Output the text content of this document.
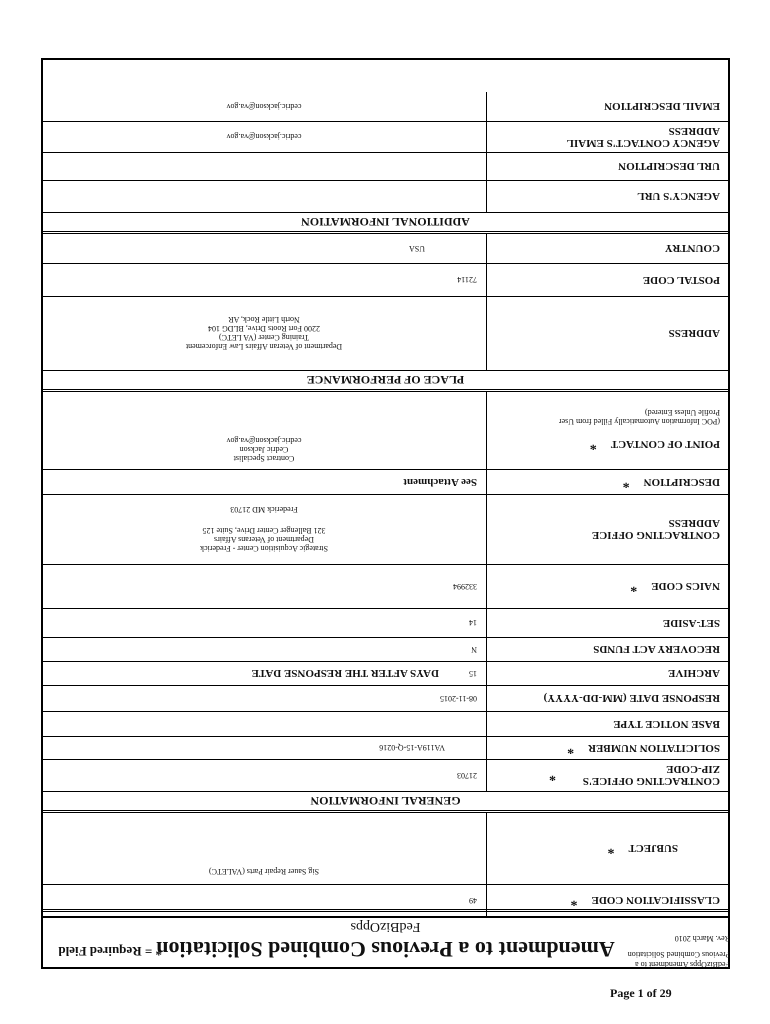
Amendment to a Previous Combined Solicitation
FedBizOpps
CLASSIFICATION CODE
*
49
SUBJECT
*
Sig Sauer Repair Parts (VALETC)
GENERAL INFORMATION
CONTRACTING OFFICE'S ZIP-CODE
*
21703
SOLICITATION NUMBER
*
VA119A-15-Q-0216
BASE NOTICE TYPE
RESPONSE DATE (MM-DD-YYYY)
08-11-2015
ARCHIVE
15
DAYS AFTER THE RESPONSE DATE
RECOVERY ACT FUNDS
N
SET-ASIDE
14
NAICS CODE
*
332994
CONTRACTING OFFICE ADDRESS
Strategic Acquisition Center - Frederick
Department of Veterans Affairs
321 Ballenger Center Drive, Suite 125
Frederick MD 21703
DESCRIPTION
*
See Attachment
POINT OF CONTACT*
(POC Information Automatically Filled from User Profile Unless Entered)
Contract Specialist
Cedric Jackson
cedric.jackson@va.gov
PLACE OF PERFORMANCE
ADDRESS
Department of Veteran Affairs Law Enforcement
Training Center (VA LETC)
2200 Fort Roots Drive, BLDG 104
North Little Rock, AR
POSTAL CODE
72114
COUNTRY
USA
ADDITIONAL INFORMATION
AGENCY'S URL
URL DESCRIPTION
AGENCY CONTACT'S EMAIL ADDRESS
cedric.jackson@va.gov
EMAIL DESCRIPTION
cedric.jackson@va.gov
* = Required Field
FedBizOpps Amendment to a
Previous Combined Solicitation
Rev. March 2010
Page 1 of 29
